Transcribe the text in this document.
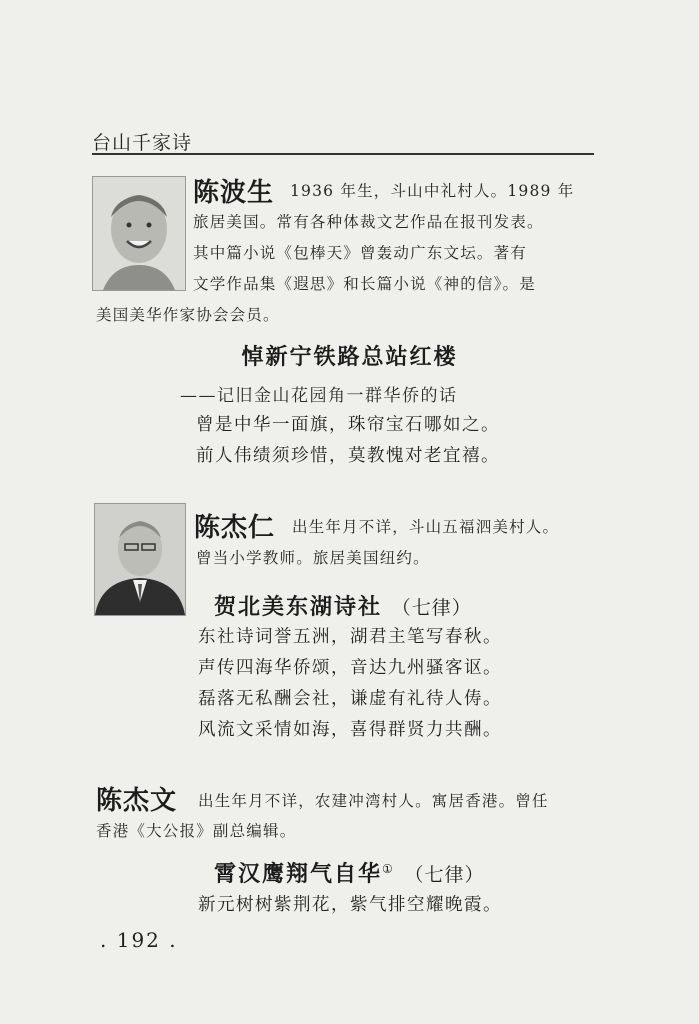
台山千家诗
陈波生 1936 年生，斗山中礼村人。1989 年
旅居美国。常有各种体裁文艺作品在报刊发表。
其中篇小说《包棒天》曾轰动广东文坛。著有
文学作品集《遐思》和长篇小说《神的信》。是
美国美华作家协会会员。
悼新宁铁路总站红楼
——记旧金山花园角一群华侨的话
曾是中华一面旗，珠帘宝石哪如之。
前人伟绩须珍惜，莫教愧对老宜禧。
陈杰仁 出生年月不详，斗山五福泗美村人。
曾当小学教师。旅居美国纽约。
贺北美东湖诗社 （七律）
东社诗词誉五洲，湖君主笔写春秋。
声传四海华侨颂，音达九州骚客讴。
磊落无私酬会社，谦虚有礼待人俦。
风流文采情如海，喜得群贤力共酬。
陈杰文 出生年月不详，农建冲湾村人。寓居香港。曾任
香港《大公报》副总编辑。
霄汉鹰翔气自华① （七律）
新元树树紫荆花，紫气排空耀晚霞。
. 192 .
